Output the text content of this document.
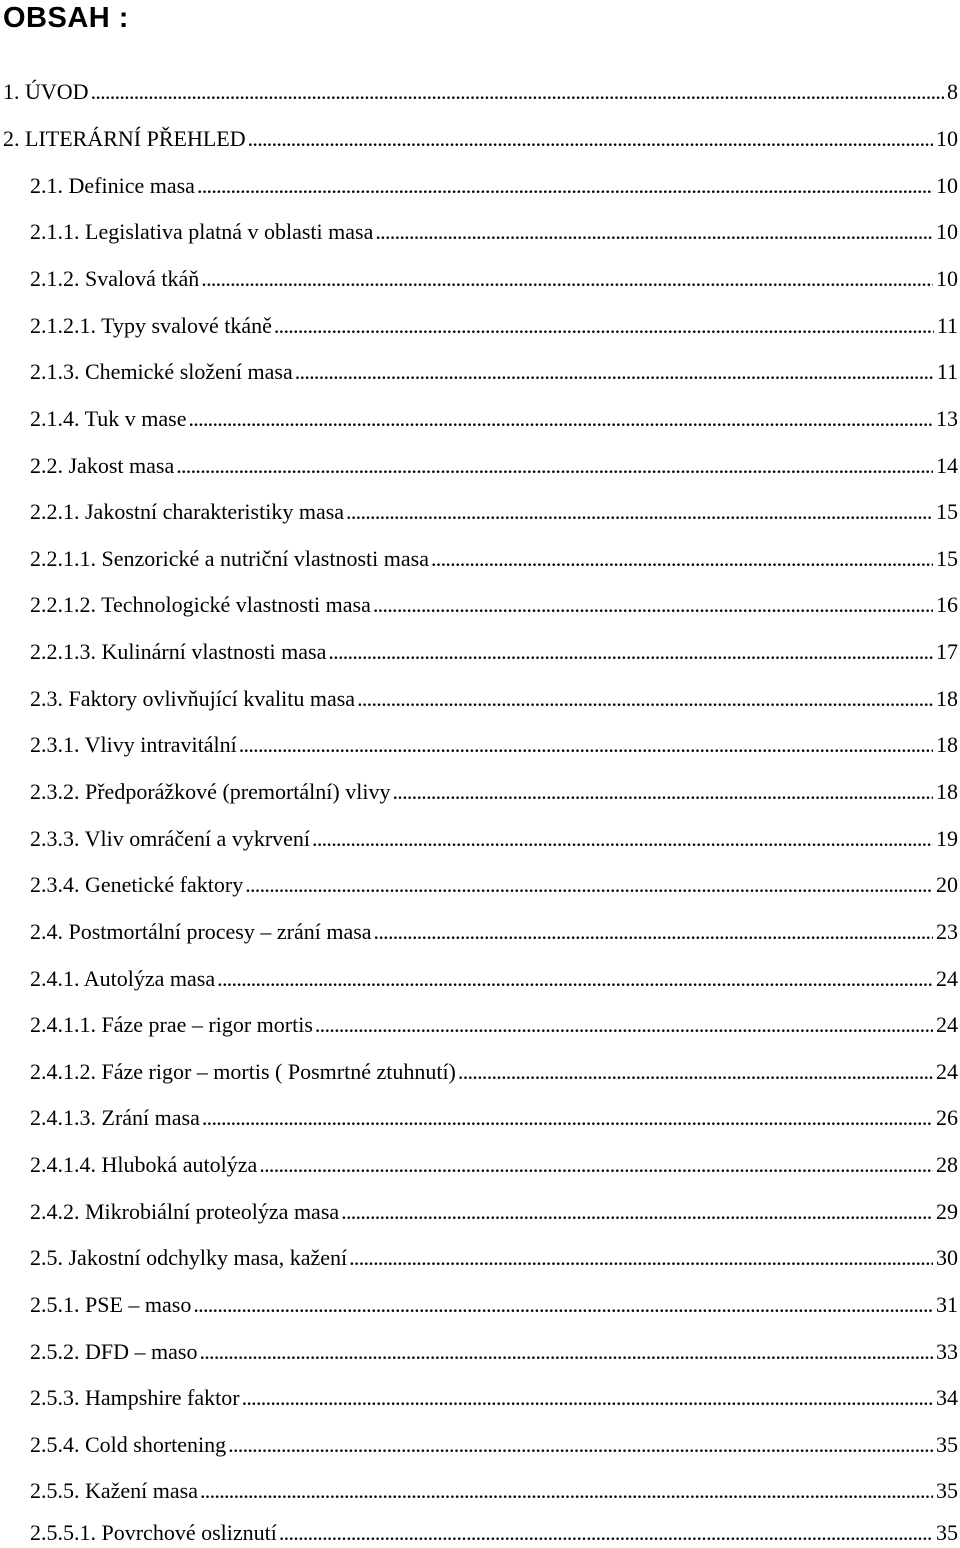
OBSAH :
1. ÚVOD . . .	8
2. LITERÁRNÍ PŘEHLED . . .	10
2.1. Definice masa . . .	10
2.1.1. Legislativa platná v oblasti masa . . .	10
2.1.2. Svalová tkáň . . .	10
2.1.2.1. Typy svalové tkáně . . .	11
2.1.3. Chemické složení masa . . .	11
2.1.4. Tuk v mase . . .	13
2.2. Jakost masa . . .	14
2.2.1. Jakostní charakteristiky masa . . .	15
2.2.1.1. Senzorické a nutriční vlastnosti masa . . .	15
2.2.1.2. Technologické vlastnosti masa . . .	16
2.2.1.3. Kulinární vlastnosti masa . . .	17
2.3. Faktory ovlivňující kvalitu masa . . .	18
2.3.1. Vlivy intravitální . . .	18
2.3.2. Předporážkové (premortální) vlivy . . .	18
2.3.3. Vliv omráčení a vykrvení . . .	19
2.3.4. Genetické faktory . . .	20
2.4. Postmortální procesy – zrání masa . . .	23
2.4.1. Autolýza masa . . .	24
2.4.1.1. Fáze prae – rigor mortis . . .	24
2.4.1.2. Fáze rigor – mortis ( Posmrtné ztuhnutí) . . .	24
2.4.1.3. Zrání masa . . .	26
2.4.1.4. Hluboká autolýza . . .	28
2.4.2. Mikrobiální proteolýza masa . . .	29
2.5. Jakostní odchylky masa, kažení . . .	30
2.5.1. PSE – maso . . .	31
2.5.2. DFD – maso . . .	33
2.5.3. Hampshire faktor . . .	34
2.5.4. Cold shortening . . .	35
2.5.5. Kažení masa . . .	35
2.5.5.1. Povrchové osliznutí . . .	35
